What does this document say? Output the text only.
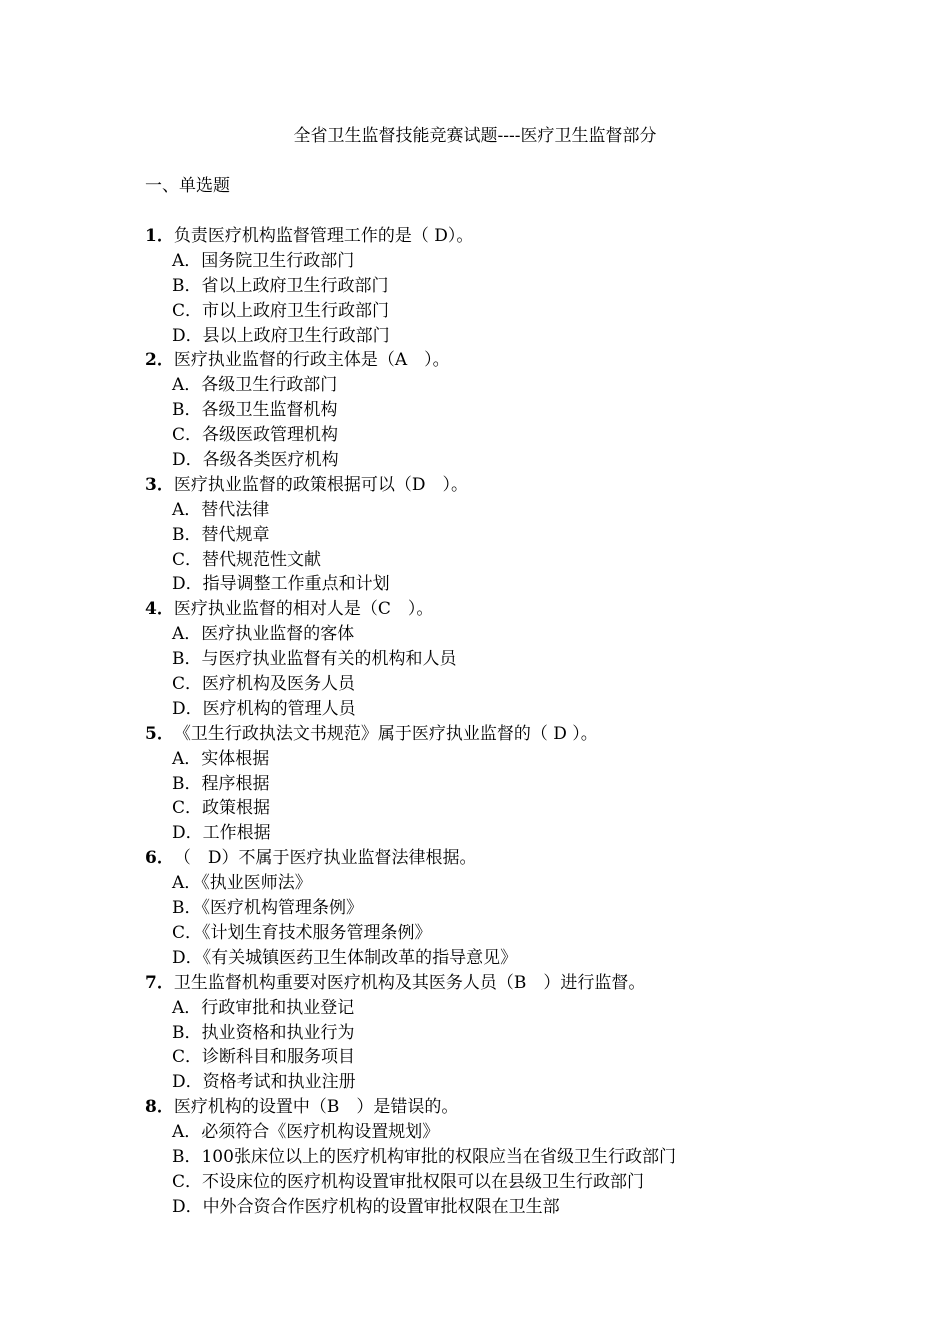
全省卫生监督技能竞赛试题----医疗卫生监督部分
一、单选题
1．负责医疗机构监督管理工作的是（ D）。
A．国务院卫生行政部门
B．省以上政府卫生行政部门
C．市以上政府卫生行政部门
D．县以上政府卫生行政部门
2．医疗执业监督的行政主体是（A　）。
A．各级卫生行政部门
B．各级卫生监督机构
C．各级医政管理机构
D．各级各类医疗机构
3．医疗执业监督的政策根据可以（D　）。
A．替代法律
B．替代规章
C．替代规范性文献
D．指导调整工作重点和计划
4．医疗执业监督的相对人是（C　）。
A．医疗执业监督的客体
B．与医疗执业监督有关的机构和人员
C．医疗机构及医务人员
D．医疗机构的管理人员
5．《卫生行政执法文书规范》属于医疗执业监督的（ D ）。
A．实体根据
B．程序根据
C．政策根据
D．工作根据
6．（　D）不属于医疗执业监督法律根据。
A．《执业医师法》
B．《医疗机构管理条例》
C．《计划生育技术服务管理条例》
D．《有关城镇医药卫生体制改革的指导意见》
7．卫生监督机构重要对医疗机构及其医务人员（B　）进行监督。
A．行政审批和执业登记
B．执业资格和执业行为
C．诊断科目和服务项目
D．资格考试和执业注册
8．医疗机构的设置中（B　）是错误的。
A．必须符合《医疗机构设置规划》
B．100张床位以上的医疗机构审批的权限应当在省级卫生行政部门
C．不设床位的医疗机构设置审批权限可以在县级卫生行政部门
D．中外合资合作医疗机构的设置审批权限在卫生部
